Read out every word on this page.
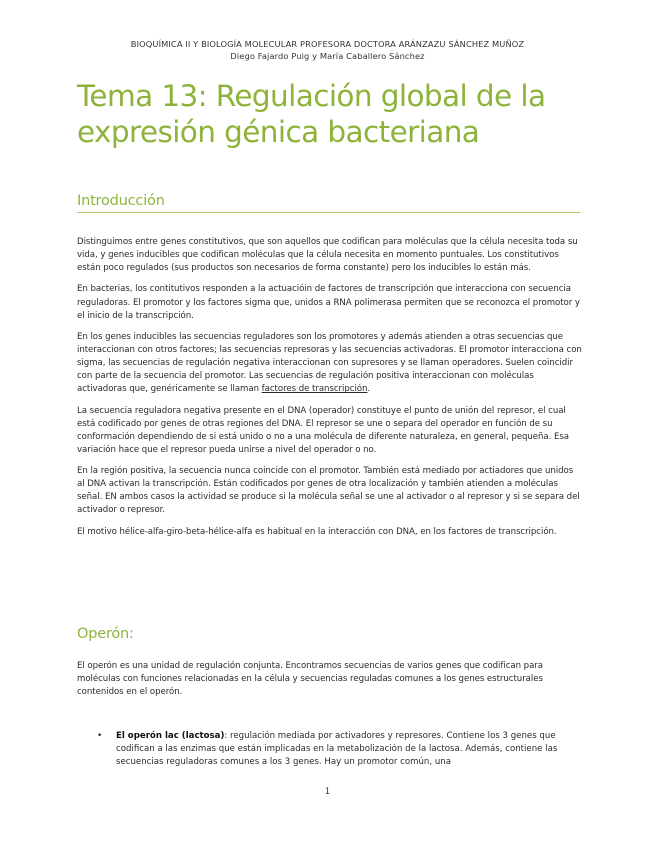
BIOQUÍMICA II Y BIOLOGÍA MOLECULAR PROFESORA DOCTORA ARÁNZAZU SÁNCHEZ MUÑOZ
Diego Fajardo Puig y María Caballero Sánchez
Tema 13: Regulación global de la
expresión génica bacteriana
Introducción

Distinguimos entre genes constitutivos, que son aquellos que codifican para moléculas que la célula necesita toda su vida, y genes inducibles que codifican moléculas que la célula necesita en momento puntuales. Los constitutivos están poco regulados (sus productos son necesarios de forma constante) pero los inducibles lo están más.

En bacterias, los contitutivos responden a la actuacióin de factores de transcripción que interacciona con secuencia reguladoras. El promotor y los factores sigma que, unidos a RNA polimerasa permiten que se reconozca el promotor y el inicio de la transcripción.

En los genes inducibles las secuencias reguladores son los promotores y además atienden a otras secuencias que interaccionan con otros factores; las secuencias represoras y las secuencias activadoras. El promotor interacciona con sigma, las secuencias de regulación negativa interaccionan con supresores y se llaman operadores. Suelen coincidir con parte de la secuencia del promotor. Las secuencias de regulación positiva interaccionan con moléculas activadoras que, genéricamente se llaman factores de transcripción.

La secuencia reguladora negativa presente en el DNA (operador) constituye el punto de unión del represor, el cual está codificado por genes de otras regiones del DNA. El represor se une o separa del operador en función de su conformación dependiendo de si está unido o no a una molécula de diferente naturaleza, en general, pequeña. Esa variación hace que el represor pueda unirse a nivel del operador o no.

En la región positiva, la secuencia nunca coincide con el promotor. También está mediado por actiadores que unidos al DNA activan la transcripción. Están codificados por genes de otra localización y también atienden a moléculas señal. EN ambos casos la actividad se produce si la molécula señal se une al activador o al represor y si se separa del activador o represor.

El motivo hélice-alfa-giro-beta-hélice-alfa es habitual en la interacción con DNA, en los factores de transcripción.

Operón:

El operón es una unidad de regulación conjunta. Encontramos secuencias de varios genes que codifican para moléculas con funciones relacionadas en la célula y secuencias reguladas comunes a los genes estructurales contenidos en el operón.

• El operón lac (lactosa): regulación mediada por activadores y represores. Contiene los 3 genes que codifican a las enzimas que están implicadas en la metabolización de la lactosa. Además, contiene las secuencias reguladoras comunes a los 3 genes. Hay un promotor común, una
1
